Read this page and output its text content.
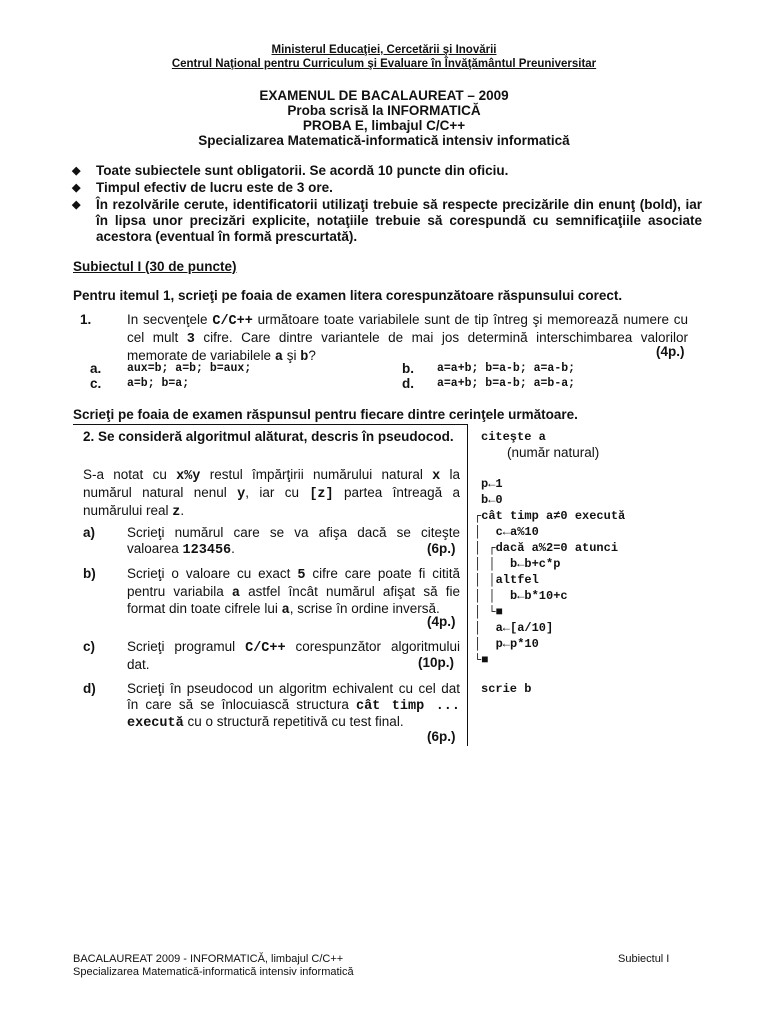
Ministerul Educaţiei, Cercetării şi Inovării
Centrul Naţional pentru Curriculum şi Evaluare în Învăţământul Preuniversitar
EXAMENUL DE BACALAUREAT – 2009
Proba scrisă la INFORMATICĂ
PROBA E, limbajul C/C++
Specializarea Matematică-informatică intensiv informatică
◆ Toate subiectele sunt obligatorii. Se acordă 10 puncte din oficiu.
◆ Timpul efectiv de lucru este de 3 ore.
◆ În rezolvările cerute, identificatorii utilizaţi trebuie să respecte precizările din enunţ (bold), iar în lipsa unor precizări explicite, notaţiile trebuie să corespundă cu semnificaţiile asociate acestora (eventual în formă prescurtată).
Subiectul I (30 de puncte)
Pentru itemul 1, scrieţi pe foaia de examen litera corespunzătoare răspunsului corect.
1.	In secvenţele C/C++ următoare toate variabilele sunt de tip întreg şi memorează numere cu cel mult 3 cifre. Care dintre variantele de mai jos determină interschimbarea valorilor memorate de variabilele a şi b?	(4p.)
a. aux=b; a=b; b=aux;	b. a=a+b; b=a-b; a=a-b;
c. a=b; b=a;	d. a=a+b; b=a-b; a=b-a;
Scrieţi pe foaia de examen răspunsul pentru fiecare dintre cerinţele următoare.
2. Se consideră algoritmul alăturat, descris în pseudocod.
S-a notat cu x%y restul împărţirii numărului natural x la numărul natural nenul y, iar cu [z] partea întreagă a numărului real z.
a) Scrieţi numărul care se va afişa dacă se citeşte valoarea 123456.	(6p.)
b) Scrieţi o valoare cu exact 5 cifre care poate fi citită pentru variabila a astfel încât numărul afişat să fie format din toate cifrele lui a, scrise în ordine inversă.
(4p.)
c) Scrieţi programul C/C++ corespunzător algoritmului dat.	(10p.)
d) Scrieţi în pseudocod un algoritm echivalent cu cel dat în care să se înlocuiască structura cât timp ... execută cu o structură repetitivă cu test final.
(6p.)
citeşte a
(număr natural)
p←1
b←0
┌cât timp a≠0 execută
│  c←a%10
│ ┌dacă a%2=0 atunci
│ │  b←b+c*p
│ │altfel
│ │  b←b*10+c
│ └■
│  a←[a/10]
│  p←p*10
└■
scrie b
BACALAUREAT 2009 - INFORMATICĂ, limbajul C/C++
Specializarea Matematică-informatică intensiv informatică
Subiectul I
